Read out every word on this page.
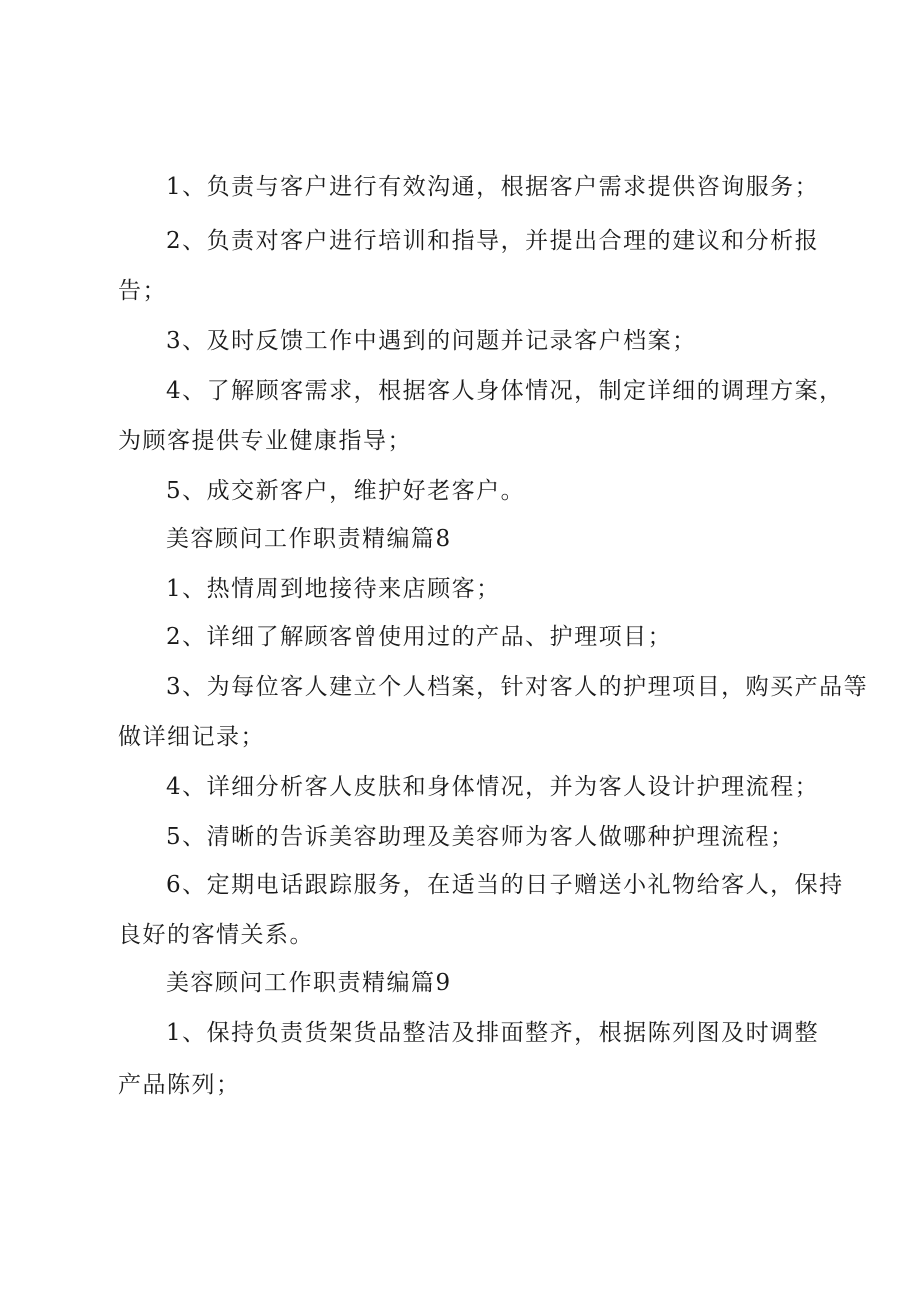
1、负责与客户进行有效沟通，根据客户需求提供咨询服务；
2、负责对客户进行培训和指导，并提出合理的建议和分析报
告；
3、及时反馈工作中遇到的问题并记录客户档案；
4、了解顾客需求，根据客人身体情况，制定详细的调理方案，
为顾客提供专业健康指导；
5、成交新客户，维护好老客户。
美容顾问工作职责精编篇8
1、热情周到地接待来店顾客；
2、详细了解顾客曾使用过的产品、护理项目；
3、为每位客人建立个人档案，针对客人的护理项目，购买产品等
做详细记录；
4、详细分析客人皮肤和身体情况，并为客人设计护理流程；
5、清晰的告诉美容助理及美容师为客人做哪种护理流程；
6、定期电话跟踪服务，在适当的日子赠送小礼物给客人，保持
良好的客情关系。
美容顾问工作职责精编篇9
1、保持负责货架货品整洁及排面整齐，根据陈列图及时调整
产品陈列；
